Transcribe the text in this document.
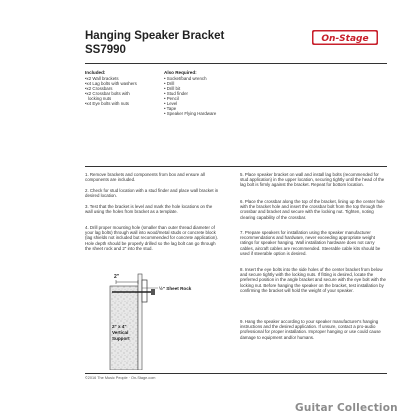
Hanging Speaker Bracket
SS7990
On-Stage
Included:
•x2 Wall brackets
•x4 Lag bolts with washers
•x2 Crossbars
•x2 Crossbar bolts with
locking nuts
•x4 Eye bolts with nuts
Also Required:
• Socket/band wrench
• Drill
• Drill bit
• Stud finder
• Pencil
• Level
• Tape
• Speaker Flying Hardware
1. Remove brackets and components from box and ensure all components are included.
2. Check for stud location with a stud finder and place wall bracket in desired location.
3. Test that the bracket is level and mark the hole locations on the wall using the holes from bracket as a template.
4. Drill proper mounting hole (smaller than outer thread diameter of your lag bolts) through wall into wood/metal studs or concrete block (lag shields not included but recommended for concrete application). Hole depth should be properly drilled so the lag bolt can go through the sheet rock and 2" into the stud.
5. Place speaker bracket on wall and install lag bolts (recommended for stud application) in the upper location, securing tightly until the head of the lag bolt is firmly against the bracket. Repeat for bottom location.
6. Place the crossbar along the top of the bracket, lining up the center hole with the bracket hole and insert the crossbar bolt from the top through the crossbar and bracket and secure with the locking nut. Tighten, noting clearing capability of the crossbar.
7. Prepare speakers for installation using the speaker manufacturer recommendations and hardware, never exceeding appropriate weight ratings for speaker hanging. Wall installation hardware does not carry cables, aircraft cables are recommended. Steerable cable kits should be used if steerable option is desired.
8. Insert the eye bolts into the side holes of the center bracket from below and secure tightly with the locking nuts. If fitting is desired, locate the preferred position in the angle bracket and secure with the eye bolt with the locking nut. Before hanging the speaker on the bracket, test installation by confirming the bracket will hold the weight of your speaker.
9. Hang the speaker according to your speaker manufacturer's hanging instructions and the desired application. If unsure, contact a pro-audio professional for proper installation. Improper hanging or use could cause damage to equipment and/or humans.
2"
½" Sheet Rock
2" x 4"
Vertical
Support
©2016 The Music People · On-Stage.com
Guitar Collection
